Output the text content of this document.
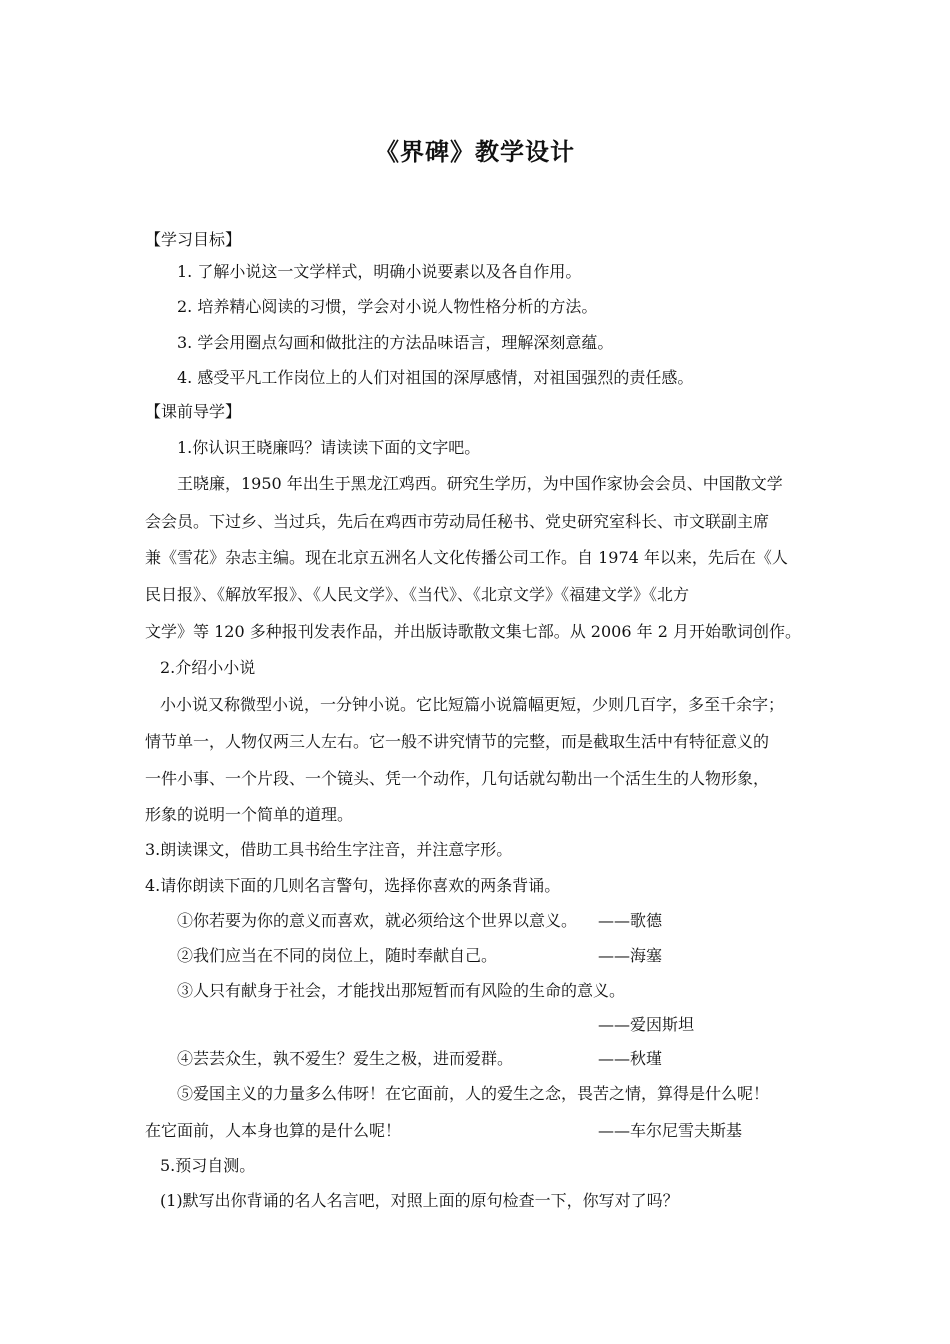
《界碑》教学设计
【学习目标】
1. 了解小说这一文学样式，明确小说要素以及各自作用。
2. 培养精心阅读的习惯，学会对小说人物性格分析的方法。
3. 学会用圈点勾画和做批注的方法品味语言，理解深刻意蕴。
4. 感受平凡工作岗位上的人们对祖国的深厚感情，对祖国强烈的责任感。
【课前导学】
1.你认识王晓廉吗？请读读下面的文字吧。
王晓廉，1950 年出生于黑龙江鸡西。研究生学历，为中国作家协会会员、中国散文学
会会员。下过乡、当过兵，先后在鸡西市劳动局任秘书、党史研究室科长、市文联副主席
兼《雪花》杂志主编。现在北京五洲名人文化传播公司工作。自 1974 年以来，先后在《人
民日报》、《解放军报》、《人民文学》、《当代》、《北京文学》《福建文学》《北方
文学》等 120 多种报刊发表作品，并出版诗歌散文集七部。从 2006 年 2 月开始歌词创作。
2.介绍小小说
小小说又称微型小说，一分钟小说。它比短篇小说篇幅更短，少则几百字，多至千余字；
情节单一，人物仅两三人左右。它一般不讲究情节的完整，而是截取生活中有特征意义的
一件小事、一个片段、一个镜头、凭一个动作，几句话就勾勒出一个活生生的人物形象，
形象的说明一个简单的道理。
3.朗读课文，借助工具书给生字注音，并注意字形。
4.请你朗读下面的几则名言警句，选择你喜欢的两条背诵。
①你若要为你的意义而喜欢，就必须给这个世界以意义。 ——歌德
②我们应当在不同的岗位上，随时奉献自己。	——海塞
③人只有献身于社会，才能找出那短暂而有风险的生命的意义。
——爱因斯坦
④芸芸众生，孰不爱生？爱生之极，进而爱群。	——秋瑾
⑤爱国主义的力量多么伟呀！在它面前，人的爱生之念，畏苦之情，算得是什么呢！
在它面前，人本身也算的是什么呢！	——车尔尼雪夫斯基
5.预习自测。
(1)默写出你背诵的名人名言吧，对照上面的原句检查一下，你写对了吗？
